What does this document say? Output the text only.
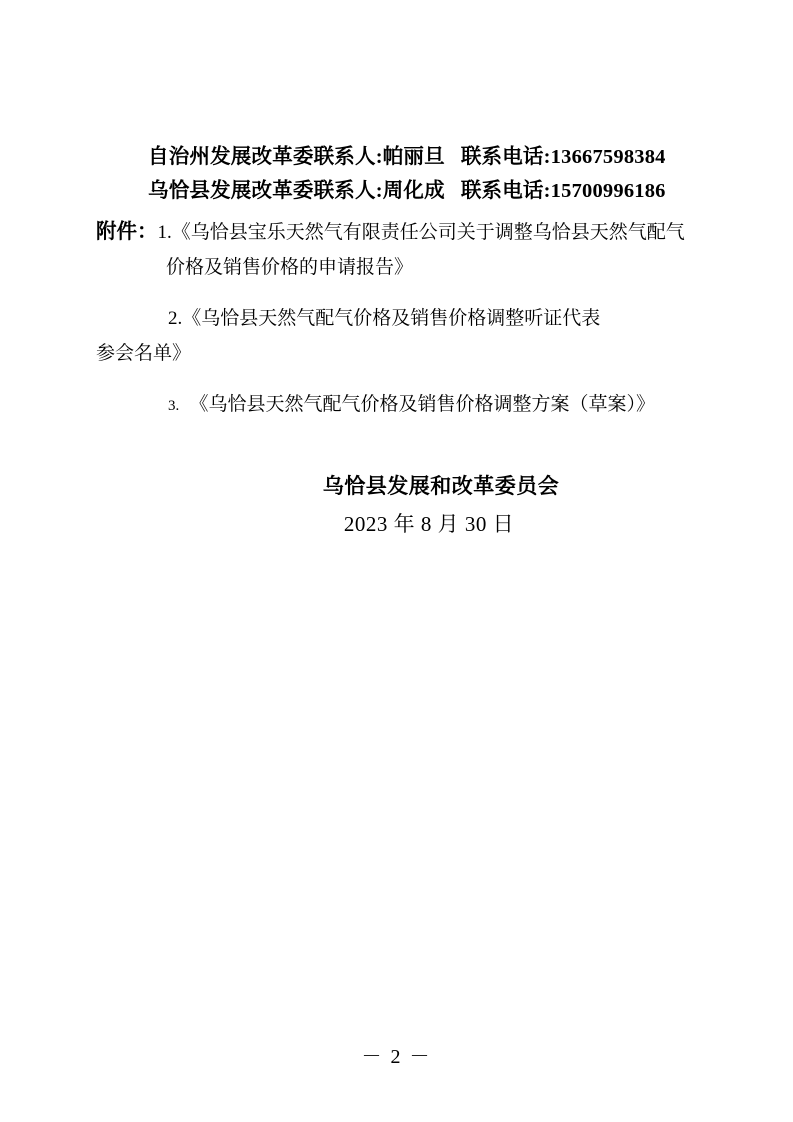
自治州发展改革委联系人:帕丽旦 联系电话:13667598384
乌恰县发展改革委联系人:周化成 联系电话:15700996186
附件：1.《乌恰县宝乐天然气有限责任公司关于调整乌恰县天然气配气
价格及销售价格的申请报告》
2.《乌恰县天然气配气价格及销售价格调整听证代表
参会名单》
3. 《乌恰县天然气配气价格及销售价格调整方案（草案）》
乌恰县发展和改革委员会
2023 年 8 月 30 日
－ 2 －
